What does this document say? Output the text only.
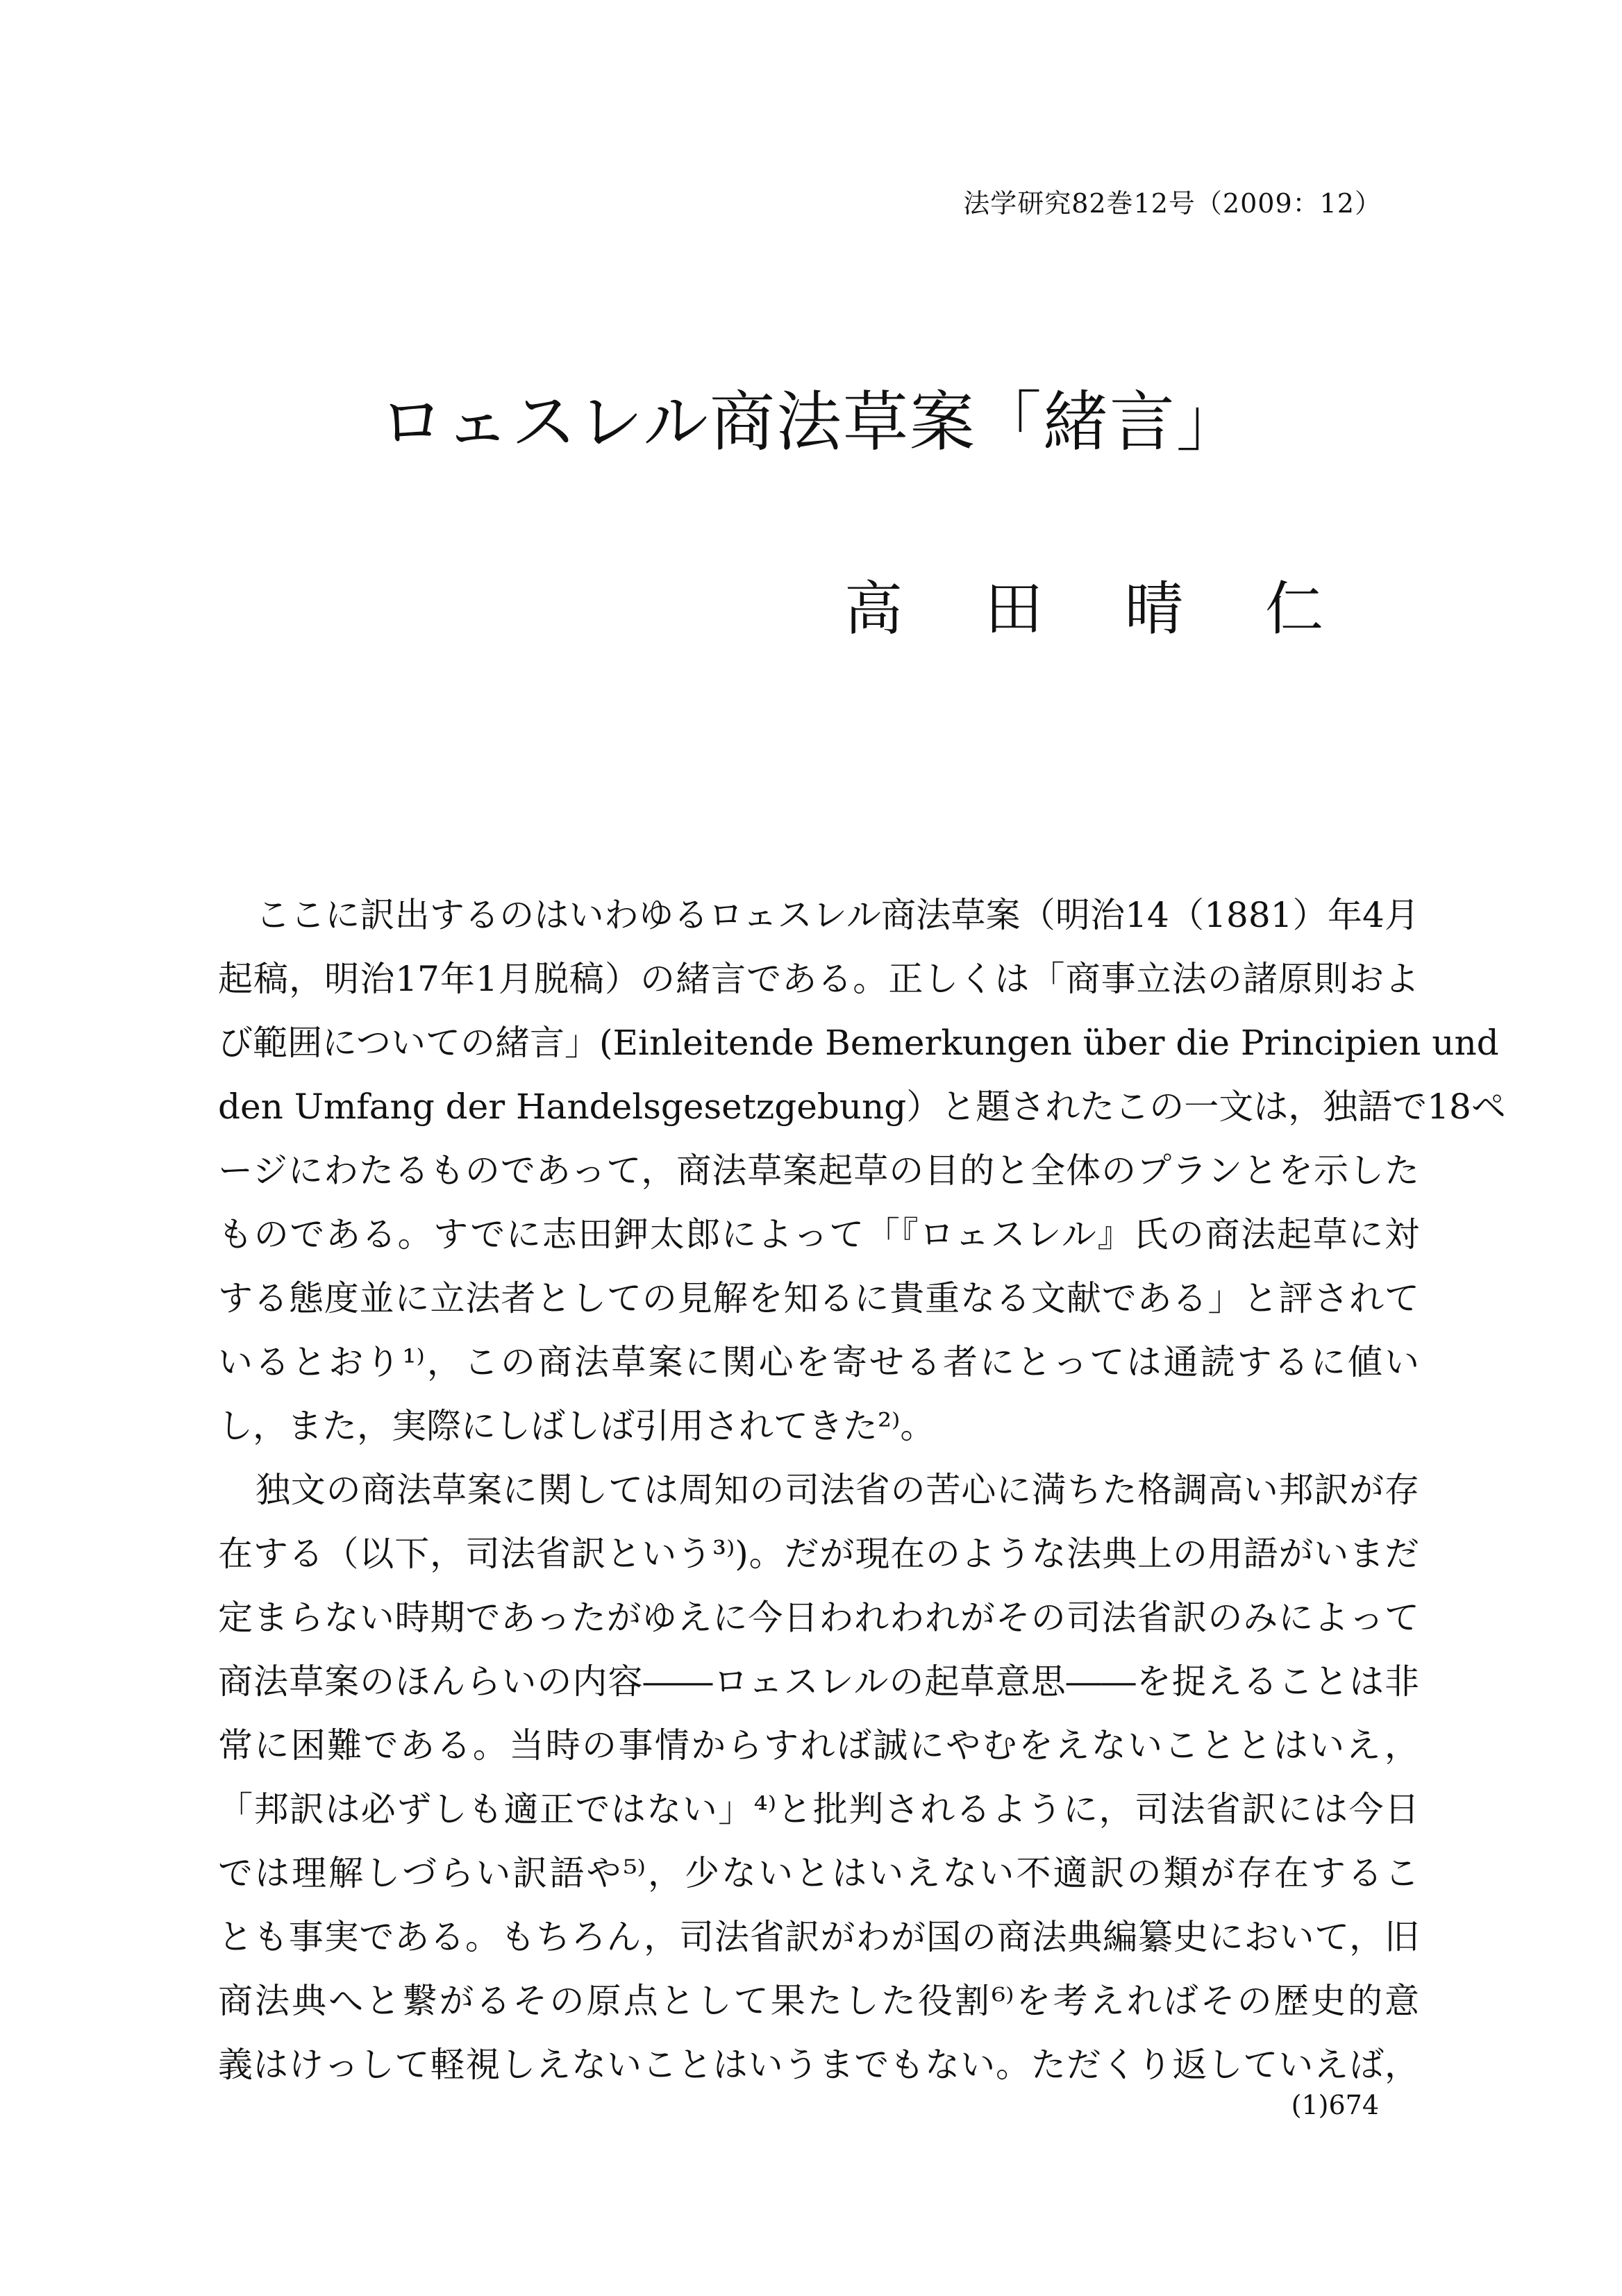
法学研究82巻12号（2009：12）
ロェスレル商法草案「緒言」
高田晴仁
ここに訳出するのはいわゆるロェスレル商法草案（明治14（1881）年4月
起稿，明治17年1月脱稿）の緒言である。正しくは「商事立法の諸原則およ
び範囲についての緒言」(Einleitende Bemerkungen über die Principien und
den Umfang der Handelsgesetzgebung）と題されたこの一文は，独語で18ペ
ージにわたるものであって，商法草案起草の目的と全体のプランとを示した
ものである。すでに志田鉀太郎によって「『ロェスレル』氏の商法起草に対
する態度並に立法者としての見解を知るに貴重なる文献である」と評されて
いるとおり¹⁾，この商法草案に関心を寄せる者にとっては通読するに値い
し，また，実際にしばしば引用されてきた²⁾。
独文の商法草案に関しては周知の司法省の苦心に満ちた格調高い邦訳が存
在する（以下，司法省訳という³⁾)。だが現在のような法典上の用語がいまだ
定まらない時期であったがゆえに今日われわれがその司法省訳のみによって
商法草案のほんらいの内容――ロェスレルの起草意思――を捉えることは非
常に困難である。当時の事情からすれば誠にやむをえないこととはいえ，
「邦訳は必ずしも適正ではない」⁴⁾と批判されるように，司法省訳には今日
では理解しづらい訳語や⁵⁾，少ないとはいえない不適訳の類が存在するこ
とも事実である。もちろん，司法省訳がわが国の商法典編纂史において，旧
商法典へと繋がるその原点として果たした役割⁶⁾を考えればその歴史的意
義はけっして軽視しえないことはいうまでもない。ただくり返していえば，
(1)674
